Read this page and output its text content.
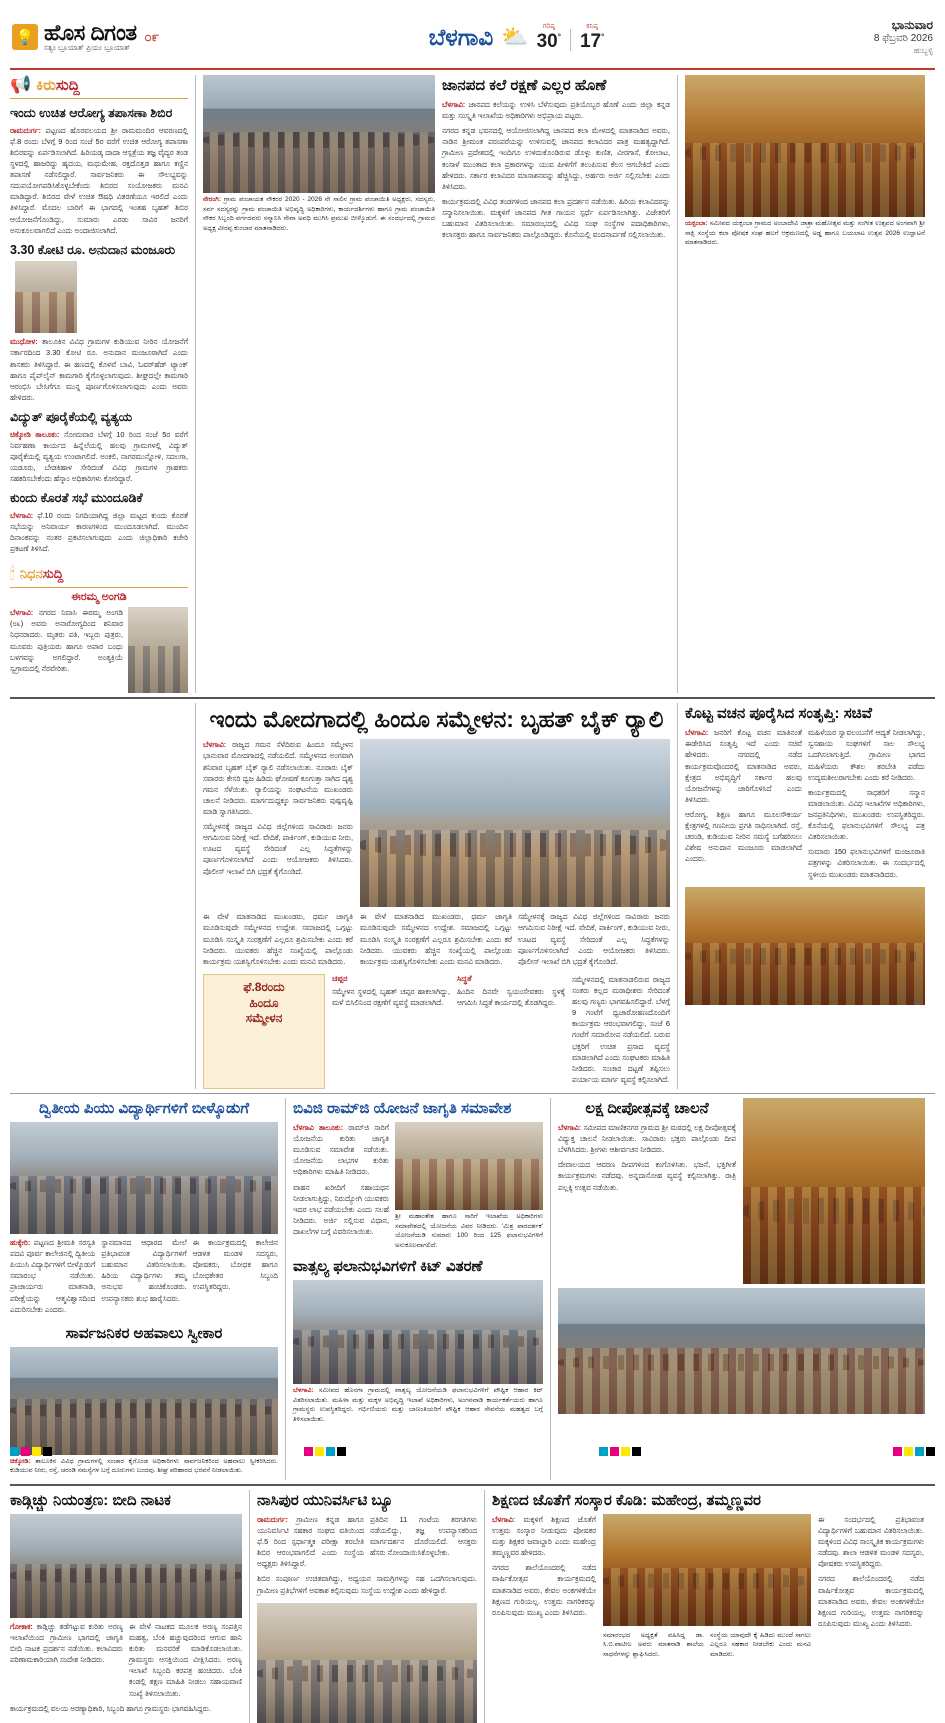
💡 ಹೊಸ ದಿಗಂತ
ಸತ್ಯಂ ಬ್ರೂಯಾತ್ ಪ್ರಿಯಂ ಬ್ರೂಯಾತ್
೦೯	ಬೆಳಗಾವಿ ⛅	ಗರಿಷ್ಠ
30°
ಕನಿಷ್ಠ
17°
ಭಾನುವಾರ
8 ಫೆಬ್ರವರಿ 2026
ಹುಬ್ಬಳ್ಳಿ
📢 ಕಿರುಸುದ್ದಿ
ಇಂದು ಉಚಿತ ಆರೋಗ್ಯ ತಪಾಸಣಾ ಶಿಬಿರ

ರಾಮದುರ್ಗ: ಪಟ್ಟಣದ ಹೊರವಲಯದ ಶ್ರೀ ರಾಮಮಂದಿರ ಆವರಣದಲ್ಲಿ ಫೆ.8 ರಂದು ಬೆಳಗ್ಗೆ 9 ರಿಂದ ಸಂಜೆ 5ರ ವರೆಗೆ ಉಚಿತ ಆರೋಗ್ಯ ತಪಾಸಣಾ ಶಿಬಿರವನ್ನು ಏರ್ಪಡಿಸಲಾಗಿದೆ. ಹಿರಿಯಡ್ಕ ದಾದಾ ಆಸ್ಪತ್ರೆಯ ತಜ್ಞ ವೈದ್ಯರ ತಂಡ ಸ್ಥಳದಲ್ಲಿ ಹಾಜರಿದ್ದು ಹೃದಯ, ಮಧುಮೇಹ, ರಕ್ತದೊತ್ತಡ ಹಾಗೂ ಕಣ್ಣಿನ ತಪಾಸಣೆ ನಡೆಸಲಿದ್ದಾರೆ. ಸಾರ್ವಜನಿಕರು ಈ ಸೌಲಭ್ಯವನ್ನು ಸದುಪಯೋಗಪಡಿಸಿಕೊಳ್ಳಬೇಕೆಂದು ಶಿಬಿರದ ಸಂಯೋಜಕರು ಮನವಿ ಮಾಡಿದ್ದಾರೆ. ಶಿಬಿರದ ವೇಳೆ ಉಚಿತ ಔಷಧಿ ವಿತರಣೆಯೂ ಇರಲಿದೆ ಎಂದು ತಿಳಿಸಿದ್ದಾರೆ. ಮೊದಲ ಬಾರಿಗೆ ಈ ಭಾಗದಲ್ಲಿ ಇಂತಹ ಬೃಹತ್ ಶಿಬಿರ ಆಯೋಜನೆಗೊಂಡಿದ್ದು, ಸುಮಾರು ಎರಡು ಸಾವಿರ ಜನರಿಗೆ ಅನುಕೂಲವಾಗಲಿದೆ ಎಂದು ಅಂದಾಜಿಸಲಾಗಿದೆ.

3.30 ಕೋಟಿ ರೂ. ಅನುದಾನ ಮಂಜೂರು

ಮುಧೋಳ: ತಾಲೂಕಿನ ವಿವಿಧ ಗ್ರಾಮಗಳ ಕುಡಿಯುವ ನೀರಿನ ಯೋಜನೆಗೆ ಸರ್ಕಾರದಿಂದ 3.30 ಕೋಟಿ ರೂ. ಅನುದಾನ ಮಂಜೂರಾಗಿದೆ ಎಂದು ಶಾಸಕರು ತಿಳಿಸಿದ್ದಾರೆ. ಈ ಹಣದಲ್ಲಿ ಕೊಳವೆ ಬಾವಿ, ಓವರ್‌ಹೆಡ್ ಟ್ಯಾಂಕ್ ಹಾಗೂ ಪೈಪ್‌ಲೈನ್ ಕಾಮಗಾರಿ ಕೈಗೊಳ್ಳಲಾಗುವುದು. ಶೀಘ್ರದಲ್ಲೇ ಕಾಮಗಾರಿ ಆರಂಭಿಸಿ ಬೇಸಿಗೆಗೂ ಮುನ್ನ ಪೂರ್ಣಗೊಳಿಸಲಾಗುವುದು ಎಂದು ಅವರು ಹೇಳಿದರು.

ವಿದ್ಯುತ್ ಪೂರೈಕೆಯಲ್ಲಿ ವ್ಯತ್ಯಯ

ಚಿಕ್ಕೋಡಿ ತಾಲೂಕು: ಸೋಮವಾರ ಬೆಳಗ್ಗೆ 10 ರಿಂದ ಸಂಜೆ 5ರ ವರೆಗೆ ನಿರ್ವಹಣಾ ಕಾರ್ಯದ ಹಿನ್ನೆಲೆಯಲ್ಲಿ ಹಲವು ಗ್ರಾಮಗಳಲ್ಲಿ ವಿದ್ಯುತ್ ಪೂರೈಕೆಯಲ್ಲಿ ವ್ಯತ್ಯಯ ಉಂಟಾಗಲಿದೆ. ಅಂಕಲಿ, ನಾಗರಮುನ್ನೋಳಿ, ಸದಲಗಾ, ಯಡೂರು, ಬೇಡಕಿಹಾಳ ಸೇರಿದಂತೆ ವಿವಿಧ ಗ್ರಾಮಗಳ ಗ್ರಾಹಕರು ಸಹಕರಿಸಬೇಕೆಂದು ಹೆಸ್ಕಾಂ ಅಧಿಕಾರಿಗಳು ಕೋರಿದ್ದಾರೆ.

ಕುಂದು ಕೊರತೆ ಸಭೆ ಮುಂದೂಡಿಕೆ

ಬೆಳಗಾವಿ: ಫೆ.10 ರಂದು ನಿಗದಿಯಾಗಿದ್ದ ಜಿಲ್ಲಾ ಮಟ್ಟದ ಕುಂದು ಕೊರತೆ ಸಭೆಯನ್ನು ಅನಿವಾರ್ಯ ಕಾರಣಗಳಿಂದ ಮುಂದೂಡಲಾಗಿದೆ. ಮುಂದಿನ ದಿನಾಂಕವನ್ನು ನಂತರ ಪ್ರಕಟಿಸಲಾಗುವುದು ಎಂದು ಜಿಲ್ಲಾಧಿಕಾರಿ ಕಚೇರಿ ಪ್ರಕಟಣೆ ತಿಳಿಸಿದೆ.

🕯 ನಿಧನಸುದ್ದಿ
ಈರಮ್ಮ ಅಂಗಡಿ

ಬೆಳಗಾವಿ: ನಗರದ ನಿವಾಸಿ ಈರಮ್ಮ ಅಂಗಡಿ (೮೩) ಅವರು ಅನಾರೋಗ್ಯದಿಂದ ಶನಿವಾರ ನಿಧನರಾದರು. ಮೃತರು ಪತಿ, ಇಬ್ಬರು ಪುತ್ರರು, ಮೂವರು ಪುತ್ರಿಯರು ಹಾಗೂ ಅಪಾರ ಬಂಧು ಬಳಗವನ್ನು ಅಗಲಿದ್ದಾರೆ. ಅಂತ್ಯಕ್ರಿಯೆ ಸ್ವಗ್ರಾಮದಲ್ಲಿ ನೆರವೇರಿತು.

ನೇರಂಗಿ: ಗ್ರಾಮ ಪಂಚಾಯತ ನೌಕರರ 2020 - 2026 ನೇ ಸಾಲಿನ ಗ್ರಾಮ ಪಂಚಾಯಿತಿ ಅಧ್ಯಕ್ಷರು, ಸದಸ್ಯರು, ಸರ್ವ ಸದಸ್ಯರನ್ನು ಗ್ರಾಮ ಪಂಚಾಯಿತಿ ಅಭಿವೃದ್ಧಿ ಅಧಿಕಾರಿಗಳು, ಕಾರ್ಯದರ್ಶಿಗಳು ಹಾಗೂ ಗ್ರಾಮ ಪಂಚಾಯಿತಿ ನೌಕರ ಸಿಬ್ಬಂದಿ ವರ್ಗದವರು ಸನ್ಮಾನಿಸಿ ಸೇವಾ ಅವಧಿ ಮುಗಿಸಿ ಪ್ರಮುಖ ಬೀಳ್ಕೊಡುಗೆ. ಈ ಸಂದರ್ಭದಲ್ಲಿ ಗ್ರಾಮದ ಅಧ್ಯಕ್ಷ ವೀರಪ್ಪ ಕುಂಬಾರ ಮಾತನಾಡಿದರು.

ಜಾನಪದ ಕಲೆ ರಕ್ಷಣೆ ಎಲ್ಲರ ಹೊಣೆ

ಬೆಳಗಾವಿ: ಜಾನಪದ ಕಲೆಯನ್ನು ಉಳಿಸಿ ಬೆಳೆಸುವುದು ಪ್ರತಿಯೊಬ್ಬರ ಹೊಣೆ ಎಂದು ಜಿಲ್ಲಾ ಕನ್ನಡ ಮತ್ತು ಸಂಸ್ಕೃತಿ ಇಲಾಖೆಯ ಅಧಿಕಾರಿಗಳು ಅಭಿಪ್ರಾಯ ಪಟ್ಟರು.

ನಗರದ ಕನ್ನಡ ಭವನದಲ್ಲಿ ಆಯೋಜಿಸಲಾಗಿದ್ದ ಜಾನಪದ ಕಲಾ ಮೇಳದಲ್ಲಿ ಮಾತನಾಡಿದ ಅವರು, ನಾಡಿನ ಶ್ರೀಮಂತ ಪರಂಪರೆಯನ್ನು ಉಳಿಸುವಲ್ಲಿ ಜಾನಪದ ಕಲಾವಿದರ ಪಾತ್ರ ಮಹತ್ವದ್ದಾಗಿದೆ. ಗ್ರಾಮೀಣ ಪ್ರದೇಶದಲ್ಲಿ ಇಂದಿಗೂ ಉಳಿದುಕೊಂಡಿರುವ ಡೊಳ್ಳು ಕುಣಿತ, ವೀರಗಾಸೆ, ಕೋಲಾಟ, ಕಂಸಾಳೆ ಮುಂತಾದ ಕಲಾ ಪ್ರಕಾರಗಳನ್ನು ಯುವ ಪೀಳಿಗೆಗೆ ತಲುಪಿಸುವ ಕೆಲಸ ಆಗಬೇಕಿದೆ ಎಂದು ಹೇಳಿದರು. ಸರ್ಕಾರ ಕಲಾವಿದರ ಮಾಸಾಶನವನ್ನು ಹೆಚ್ಚಿಸಿದ್ದು, ಅರ್ಹರು ಅರ್ಜಿ ಸಲ್ಲಿಸಬೇಕು ಎಂದು ತಿಳಿಸಿದರು.

ಕಾರ್ಯಕ್ರಮದಲ್ಲಿ ವಿವಿಧ ತಂಡಗಳಿಂದ ಜಾನಪದ ಕಲಾ ಪ್ರದರ್ಶನ ನಡೆಯಿತು. ಹಿರಿಯ ಕಲಾವಿದರನ್ನು ಸನ್ಮಾನಿಸಲಾಯಿತು. ಮಕ್ಕಳಿಗೆ ಜಾನಪದ ಗೀತ ಗಾಯನ ಸ್ಪರ್ಧೆ ಏರ್ಪಡಿಸಲಾಗಿತ್ತು. ವಿಜೇತರಿಗೆ ಬಹುಮಾನ ವಿತರಿಸಲಾಯಿತು. ಸಮಾರಂಭದಲ್ಲಿ ವಿವಿಧ ಸಂಘ ಸಂಸ್ಥೆಗಳ ಪದಾಧಿಕಾರಿಗಳು, ಕಲಾಸಕ್ತರು ಹಾಗೂ ಸಾರ್ವಜನಿಕರು ಪಾಲ್ಗೊಂಡಿದ್ದರು. ಕೊನೆಯಲ್ಲಿ ವಂದನಾರ್ಪಣೆ ಸಲ್ಲಿಸಲಾಯಿತು.

ಯಕ್ಸಂಬಾ: ಸಮೀಪದ ಯಕ್ಸಂಬಾ ಗ್ರಾಮದ ಅಂಬಾದೇವಿ ಜಾತ್ರಾ ಮಹೋತ್ಸವ ಮತ್ತು ಸಂಗೀತ ಉತ್ಸವದ ಅಂಗವಾಗಿ ಶ್ರೀ ಸಾಕ್ಷಿ ಸಂಸ್ಥೆಯ ಕಲಾ ಪೋಷಕ ಸಂಘ ಹಲಗೆ ಆಕ್ರಮಣದಲ್ಲಿ ಅಡ್ಡ ಹಾಗೂ ಬಯಲಾಟ ಉತ್ಸವ 2026 ಉದ್ಘಾಟನೆ ಮಾತನಾಡಿದರು.

ಇಂದು ಮೋದಗಾದಲ್ಲಿ ಹಿಂದೂ ಸಮ್ಮೇಳನ: ಬೃಹತ್ ಬೈಕ್ ರ‍್ಯಾಲಿ

ಬೆಳಗಾವಿ: ರಾಜ್ಯದ ಗಮನ ಸೆಳೆದಿರುವ ಹಿಂದೂ ಸಮ್ಮೇಳನ ಭಾನುವಾರ ಮೋದಗಾದಲ್ಲಿ ನಡೆಯಲಿದೆ. ಸಮ್ಮೇಳನದ ಅಂಗವಾಗಿ ಶನಿವಾರ ಬೃಹತ್ ಬೈಕ್ ರ‍್ಯಾಲಿ ನಡೆಸಲಾಯಿತು. ನೂರಾರು ಬೈಕ್ ಸವಾರರು ಕೇಸರಿ ಧ್ವಜ ಹಿಡಿದು ಘೋಷಣೆ ಕೂಗುತ್ತಾ ಸಾಗಿದ ದೃಶ್ಯ ಗಮನ ಸೆಳೆಯಿತು. ರ‍್ಯಾಲಿಯನ್ನು ಸಂಘಟನೆಯ ಮುಖಂಡರು ಚಾಲನೆ ನೀಡಿದರು. ಮಾರ್ಗದುದ್ದಕ್ಕೂ ಸಾರ್ವಜನಿಕರು ಪುಷ್ಪವೃಷ್ಟಿ ಮಾಡಿ ಸ್ವಾಗತಿಸಿದರು.

ಸಮ್ಮೇಳನಕ್ಕೆ ರಾಜ್ಯದ ವಿವಿಧ ಜಿಲ್ಲೆಗಳಿಂದ ಸಾವಿರಾರು ಜನರು ಆಗಮಿಸುವ ನಿರೀಕ್ಷೆ ಇದೆ. ವೇದಿಕೆ, ಪಾರ್ಕಿಂಗ್, ಕುಡಿಯುವ ನೀರು, ಊಟದ ವ್ಯವಸ್ಥೆ ಸೇರಿದಂತೆ ಎಲ್ಲ ಸಿದ್ಧತೆಗಳನ್ನು ಪೂರ್ಣಗೊಳಿಸಲಾಗಿದೆ ಎಂದು ಆಯೋಜಕರು ತಿಳಿಸಿದರು. ಪೊಲೀಸ್ ಇಲಾಖೆ ಬಿಗಿ ಭದ್ರತೆ ಕೈಗೊಂಡಿದೆ.

ಈ ವೇಳೆ ಮಾತನಾಡಿದ ಮುಖಂಡರು, ಧರ್ಮ ಜಾಗೃತಿ ಮೂಡಿಸುವುದೇ ಸಮ್ಮೇಳನದ ಉದ್ದೇಶ. ಸಮಾಜದಲ್ಲಿ ಒಗ್ಗಟ್ಟು ಮೂಡಿಸಿ ಸಂಸ್ಕೃತಿ ಸಂರಕ್ಷಣೆಗೆ ಎಲ್ಲರೂ ಶ್ರಮಿಸಬೇಕು ಎಂದು ಕರೆ ನೀಡಿದರು. ಯುವಕರು ಹೆಚ್ಚಿನ ಸಂಖ್ಯೆಯಲ್ಲಿ ಪಾಲ್ಗೊಂಡು ಕಾರ್ಯಕ್ರಮ ಯಶಸ್ವಿಗೊಳಿಸಬೇಕು ಎಂದು ಮನವಿ ಮಾಡಿದರು.

ಈ ವೇಳೆ ಮಾತನಾಡಿದ ಮುಖಂಡರು, ಧರ್ಮ ಜಾಗೃತಿ ಮೂಡಿಸುವುದೇ ಸಮ್ಮೇಳನದ ಉದ್ದೇಶ. ಸಮಾಜದಲ್ಲಿ ಒಗ್ಗಟ್ಟು ಮೂಡಿಸಿ ಸಂಸ್ಕೃತಿ ಸಂರಕ್ಷಣೆಗೆ ಎಲ್ಲರೂ ಶ್ರಮಿಸಬೇಕು ಎಂದು ಕರೆ ನೀಡಿದರು. ಯುವಕರು ಹೆಚ್ಚಿನ ಸಂಖ್ಯೆಯಲ್ಲಿ ಪಾಲ್ಗೊಂಡು ಕಾರ್ಯಕ್ರಮ ಯಶಸ್ವಿಗೊಳಿಸಬೇಕು ಎಂದು ಮನವಿ ಮಾಡಿದರು.

ಸಮ್ಮೇಳನಕ್ಕೆ ರಾಜ್ಯದ ವಿವಿಧ ಜಿಲ್ಲೆಗಳಿಂದ ಸಾವಿರಾರು ಜನರು ಆಗಮಿಸುವ ನಿರೀಕ್ಷೆ ಇದೆ. ವೇದಿಕೆ, ಪಾರ್ಕಿಂಗ್, ಕುಡಿಯುವ ನೀರು, ಊಟದ ವ್ಯವಸ್ಥೆ ಸೇರಿದಂತೆ ಎಲ್ಲ ಸಿದ್ಧತೆಗಳನ್ನು ಪೂರ್ಣಗೊಳಿಸಲಾಗಿದೆ ಎಂದು ಆಯೋಜಕರು ತಿಳಿಸಿದರು. ಪೊಲೀಸ್ ಇಲಾಖೆ ಬಿಗಿ ಭದ್ರತೆ ಕೈಗೊಂಡಿದೆ.

ಫೆ.8ರಂದು
ಹಿಂದೂ
ಸಮ್ಮೇಳನ
ಚಪ್ಪರ

ಸಮ್ಮೇಳನ ಸ್ಥಳದಲ್ಲಿ ಬೃಹತ್ ಚಪ್ಪರ ಹಾಕಲಾಗಿದ್ದು, ಮಳೆ ಬಿಸಿಲಿನಿಂದ ರಕ್ಷಣೆಗೆ ವ್ಯವಸ್ಥೆ ಮಾಡಲಾಗಿದೆ.

ಸಿದ್ಧತೆ

ಹಿಂದಿನ ದಿನವೇ ಸ್ವಯಂಸೇವಕರು ಸ್ಥಳಕ್ಕೆ ಆಗಮಿಸಿ ಸಿದ್ಧತೆ ಕಾರ್ಯದಲ್ಲಿ ತೊಡಗಿದ್ದರು.

ಸಮ್ಮೇಳನದಲ್ಲಿ ಮಾತನಾಡಲಿರುವ ರಾಜ್ಯದ ಸಂತರು ಕಲ್ಲದ ಮಠಾಧೀಶರು ಸೇರಿದಂತೆ ಹಲವು ಗಣ್ಯರು ಭಾಗವಹಿಸಲಿದ್ದಾರೆ. ಬೆಳಗ್ಗೆ 9 ಗಂಟೆಗೆ ಧ್ವಜಾರೋಹಣದೊಂದಿಗೆ ಕಾರ್ಯಕ್ರಮ ಆರಂಭವಾಗಲಿದ್ದು, ಸಂಜೆ 6 ಗಂಟೆಗೆ ಸಮಾರೋಪ ನಡೆಯಲಿದೆ. ಬರುವ ಭಕ್ತರಿಗೆ ಉಚಿತ ಪ್ರಸಾದ ವ್ಯವಸ್ಥೆ ಮಾಡಲಾಗಿದೆ ಎಂದು ಸಂಘಟಕರು ಮಾಹಿತಿ ನೀಡಿದರು. ಸಂಚಾರ ದಟ್ಟಣೆ ತಪ್ಪಿಸಲು ಪರ್ಯಾಯ ಮಾರ್ಗ ವ್ಯವಸ್ಥೆ ಕಲ್ಪಿಸಲಾಗಿದೆ.

ಕೊಟ್ಟ ವಚನ ಪೂರೈಸಿದ ಸಂತೃಪ್ತಿ: ಸಚಿವೆ

ಬೆಳಗಾವಿ: ಜನರಿಗೆ ಕೊಟ್ಟ ವಚನ ಮಾತಿನಂತೆ ಈಡೇರಿಸಿದ ಸಂತೃಪ್ತಿ ಇದೆ ಎಂದು ಸಚಿವೆ ಹೇಳಿದರು. ನಗರದಲ್ಲಿ ನಡೆದ ಕಾರ್ಯಕ್ರಮವೊಂದರಲ್ಲಿ ಮಾತನಾಡಿದ ಅವರು, ಕ್ಷೇತ್ರದ ಅಭಿವೃದ್ಧಿಗೆ ಸರ್ಕಾರ ಹಲವು ಯೋಜನೆಗಳನ್ನು ಜಾರಿಗೊಳಿಸಿದೆ ಎಂದು ತಿಳಿಸಿದರು.

ಆರೋಗ್ಯ, ಶಿಕ್ಷಣ ಹಾಗೂ ಮೂಲಸೌಕರ್ಯ ಕ್ಷೇತ್ರಗಳಲ್ಲಿ ಗಣನೀಯ ಪ್ರಗತಿ ಸಾಧಿಸಲಾಗಿದೆ. ರಸ್ತೆ, ಚರಂಡಿ, ಕುಡಿಯುವ ನೀರಿನ ಸಮಸ್ಯೆ ಬಗೆಹರಿಸಲು ವಿಶೇಷ ಅನುದಾನ ಮಂಜೂರು ಮಾಡಲಾಗಿದೆ ಎಂದರು.

ಮಹಿಳೆಯರ ಸ್ವಾವಲಂಬನೆಗೆ ಆದ್ಯತೆ ನೀಡಲಾಗಿದ್ದು, ಸ್ವಸಹಾಯ ಸಂಘಗಳಿಗೆ ಸಾಲ ಸೌಲಭ್ಯ ಒದಗಿಸಲಾಗುತ್ತಿದೆ. ಗ್ರಾಮೀಣ ಭಾಗದ ಮಹಿಳೆಯರು ಕೌಶಲ ತರಬೇತಿ ಪಡೆದು ಉದ್ಯಮಶೀಲರಾಗಬೇಕು ಎಂದು ಕರೆ ನೀಡಿದರು.

ಕಾರ್ಯಕ್ರಮದಲ್ಲಿ ಸಾಧಕರಿಗೆ ಸನ್ಮಾನ ಮಾಡಲಾಯಿತು. ವಿವಿಧ ಇಲಾಖೆಗಳ ಅಧಿಕಾರಿಗಳು, ಜನಪ್ರತಿನಿಧಿಗಳು, ಮುಖಂಡರು ಉಪಸ್ಥಿತರಿದ್ದರು. ಕೊನೆಯಲ್ಲಿ ಫಲಾನುಭವಿಗಳಿಗೆ ಸೌಲಭ್ಯ ಪತ್ರ ವಿತರಿಸಲಾಯಿತು.

ಸುಮಾರು 150 ಫಲಾನುಭವಿಗಳಿಗೆ ಮಂಜೂರಾತಿ ಪತ್ರಗಳನ್ನು ವಿತರಿಸಲಾಯಿತು. ಈ ಸಂದರ್ಭದಲ್ಲಿ ಸ್ಥಳೀಯ ಮುಖಂಡರು ಮಾತನಾಡಿದರು.

ದ್ವಿತೀಯ ಪಿಯು ವಿದ್ಯಾರ್ಥಿಗಳಿಗೆ ಬೀಳ್ಕೊಡುಗೆ

ಹುಕ್ಕೇರಿ: ಪಟ್ಟಣದ ಶ್ರೀಮತಿ ಸರಸ್ವತಿ ಪದವಿ ಪೂರ್ವ ಕಾಲೇಜಿನಲ್ಲಿ ದ್ವಿತೀಯ ಪಿಯುಸಿ ವಿದ್ಯಾರ್ಥಿಗಳಿಗೆ ಬೀಳ್ಕೊಡುಗೆ ಸಮಾರಂಭ ನಡೆಯಿತು. ಪ್ರಾಚಾರ್ಯರು ಮಾತನಾಡಿ, ಪರೀಕ್ಷೆಯನ್ನು ಆತ್ಮವಿಶ್ವಾಸದಿಂದ ಎದುರಿಸಬೇಕು ಎಂದರು.

ಸ್ಥಾನಮಾನದ ಆಧಾರದ ಮೇಲೆ ಪ್ರತಿಭಾವಂತ ವಿದ್ಯಾರ್ಥಿಗಳಿಗೆ ಬಹುಮಾನ ವಿತರಿಸಲಾಯಿತು. ಹಿರಿಯ ವಿದ್ಯಾರ್ಥಿಗಳು ತಮ್ಮ ಅನುಭವ ಹಂಚಿಕೊಂಡರು. ಉಪನ್ಯಾಸಕರು ಶುಭ ಹಾರೈಸಿದರು.

ಈ ಕಾರ್ಯಕ್ರಮದಲ್ಲಿ ಕಾಲೇಜಿನ ಆಡಳಿತ ಮಂಡಳಿ ಸದಸ್ಯರು, ಪೋಷಕರು, ಬೋಧಕ ಹಾಗೂ ಬೋಧಕೇತರ ಸಿಬ್ಬಂದಿ ಉಪಸ್ಥಿತರಿದ್ದರು.

ಸಾರ್ವಜನಿಕರ ಅಹವಾಲು ಸ್ವೀಕಾರ

ಚಿಕ್ಕೋಡಿ: ತಾಲೂಕಿನ ವಿವಿಧ ಗ್ರಾಮಗಳಲ್ಲಿ ಸಂಚಾರ ಕೈಗೊಂಡ ಅಧಿಕಾರಿಗಳು ಸಾರ್ವಜನಿಕರಿಂದ ಅಹವಾಲು ಸ್ವೀಕರಿಸಿದರು. ಕುಡಿಯುವ ನೀರು, ರಸ್ತೆ, ಚರಂಡಿ ಸಮಸ್ಯೆಗಳ ಬಗ್ಗೆ ದೂರುಗಳು ಬಂದವು. ಶೀಘ್ರ ಪರಿಹಾರದ ಭರವಸೆ ನೀಡಲಾಯಿತು.

ಬಿವಿಜಿ ರಾಮ್‌ಜಿ ಯೋಜನೆ ಜಾಗೃತಿ ಸಮಾವೇಶ

ಬೆಳಗಾವಿ ತಾಲೂಕು: ರಾಮ್‌ಜಿ ಸಾರಿಗೆ ಯೋಜನೆಯ ಕುರಿತು ಜಾಗೃತಿ ಮೂಡಿಸುವ ಸಮಾವೇಶ ನಡೆಯಿತು. ಯೋಜನೆಯ ಲಾಭಗಳ ಕುರಿತು ಅಧಿಕಾರಿಗಳು ಮಾಹಿತಿ ನೀಡಿದರು.

ವಾಹನ ಖರೀದಿಗೆ ಸಹಾಯಧನ ನೀಡಲಾಗುತ್ತಿದ್ದು, ನಿರುದ್ಯೋಗಿ ಯುವಕರು ಇದರ ಲಾಭ ಪಡೆಯಬೇಕು ಎಂದು ಸಲಹೆ ನೀಡಿದರು. ಅರ್ಜಿ ಸಲ್ಲಿಸುವ ವಿಧಾನ, ದಾಖಲೆಗಳ ಬಗ್ಗೆ ವಿವರಿಸಲಾಯಿತು.

ಶ್ರೀ ಮಹಾಂತೇಶ ಹಾಗೂ ಸಾರಿಗೆ ಇಲಾಖೆಯ ಅಧಿಕಾರಿಗಳು ಸಮಾವೇಶದಲ್ಲಿ ಯೋಜನೆಯ ವಿವರ ನೀಡಿದರು. 'ಮಿಶ್ರ ಪಾರದರ್ಶಕ' ಯೋಜನೆಯಡಿ ಸುಮಾರು 100 ರಿಂದ 125 ಫಲಾನುಭವಿಗಳಿಗೆ ಅನುಕೂಲವಾಗಲಿದೆ.

ವಾತ್ಸಲ್ಯ ಫಲಾನುಭವಿಗಳಿಗೆ ಕಿಟ್ ವಿತರಣೆ

ಬೆಳಗಾವಿ: ಸಮೀಪದ ಹೊನಗಾ ಗ್ರಾಮದಲ್ಲಿ ವಾತ್ಸಲ್ಯ ಯೋಜನೆಯಡಿ ಫಲಾನುಭವಿಗಳಿಗೆ ಪೌಷ್ಟಿಕ ಆಹಾರ ಕಿಟ್ ವಿತರಿಸಲಾಯಿತು. ಮಹಿಳಾ ಮತ್ತು ಮಕ್ಕಳ ಅಭಿವೃದ್ಧಿ ಇಲಾಖೆ ಅಧಿಕಾರಿಗಳು, ಅಂಗನವಾಡಿ ಕಾರ್ಯಕರ್ತೆಯರು ಹಾಗೂ ಗ್ರಾಮಸ್ಥರು ಉಪಸ್ಥಿತರಿದ್ದರು. ಗರ್ಭಿಣಿಯರು ಮತ್ತು ಬಾಣಂತಿಯರಿಗೆ ಪೌಷ್ಟಿಕ ಆಹಾರ ಸೇವನೆಯ ಮಹತ್ವದ ಬಗ್ಗೆ ತಿಳಿಸಲಾಯಿತು.

ಲಕ್ಷ ದೀಪೋತ್ಸವಕ್ಕೆ ಚಾಲನೆ

ಬೆಳಗಾವಿ: ಸಮೀಪದ ಮಾಣಿಕನಗರ ಗ್ರಾಮದ ಶ್ರೀ ಮಠದಲ್ಲಿ ಲಕ್ಷ ದೀಪೋತ್ಸವಕ್ಕೆ ವಿಧ್ಯುಕ್ತ ಚಾಲನೆ ನೀಡಲಾಯಿತು. ಸಾವಿರಾರು ಭಕ್ತರು ಪಾಲ್ಗೊಂಡು ದೀಪ ಬೆಳಗಿಸಿದರು. ಶ್ರೀಗಳು ಆಶೀರ್ವಚನ ನೀಡಿದರು.

ದೇವಾಲಯದ ಆವರಣ ದೀಪಗಳಿಂದ ಕಂಗೊಳಿಸಿತು. ಭಜನೆ, ಭಕ್ತಿಗೀತೆ ಕಾರ್ಯಕ್ರಮಗಳು ನಡೆದವು. ಅನ್ನದಾಸೋಹ ವ್ಯವಸ್ಥೆ ಕಲ್ಪಿಸಲಾಗಿತ್ತು. ರಾತ್ರಿ ಪಲ್ಲಕ್ಕಿ ಉತ್ಸವ ನಡೆಯಿತು.

ಕಾಡ್ಗಿಚ್ಚು ನಿಯಂತ್ರಣ: ಬೀದಿ ನಾಟಕ

ಗೋಕಾಕ: ಕಾಡ್ಗಿಚ್ಚು ತಡೆಗಟ್ಟುವ ಕುರಿತು ಅರಣ್ಯ ಇಲಾಖೆಯಿಂದ ಗ್ರಾಮೀಣ ಭಾಗದಲ್ಲಿ ಜಾಗೃತಿ ಬೀದಿ ನಾಟಕ ಪ್ರದರ್ಶನ ನಡೆಯಿತು. ಕಲಾವಿದರು ಪರಿಣಾಮಕಾರಿಯಾಗಿ ಸಂದೇಶ ನೀಡಿದರು.

ಈ ವೇಳೆ ನಾಟಕದ ಮೂಲಕ ಅರಣ್ಯ ಸಂಪತ್ತಿನ ಮಹತ್ವ, ಬೆಂಕಿ ಹಚ್ಚುವುದರಿಂದ ಆಗುವ ಹಾನಿ ಕುರಿತು ಮನವರಿಕೆ ಮಾಡಿಕೊಡಲಾಯಿತು. ಗ್ರಾಮಸ್ಥರು ಆಸಕ್ತಿಯಿಂದ ವೀಕ್ಷಿಸಿದರು. ಅರಣ್ಯ ಇಲಾಖೆ ಸಿಬ್ಬಂದಿ ಕರಪತ್ರ ಹಂಚಿದರು. ಬೆಂಕಿ ಕಂಡಲ್ಲಿ ತಕ್ಷಣ ಮಾಹಿತಿ ನೀಡಲು ಸಹಾಯವಾಣಿ ಸಂಖ್ಯೆ ತಿಳಿಸಲಾಯಿತು.

ಕಾರ್ಯಕ್ರಮದಲ್ಲಿ ವಲಯ ಅರಣ್ಯಾಧಿಕಾರಿ, ಸಿಬ್ಬಂದಿ ಹಾಗೂ ಗ್ರಾಮಸ್ಥರು ಭಾಗವಹಿಸಿದ್ದರು.

ನಾಸಿಪುರ ಯುನಿವರ್ಸಿಟಿ ಬ್ಯೂ

ರಾಮದುರ್ಗ: ಗ್ರಾಮೀಣ ಕನ್ನಡ ಹಾಗೂ ಯುನಿವರ್ಸಿಟಿ ಸಹಕಾರ ಸಂಘದ ವತಿಯಿಂದ ಫೆ.5 ರಿಂದ ಸ್ಪರ್ಧಾತ್ಮಕ ಪರೀಕ್ಷಾ ತರಬೇತಿ ಶಿಬಿರ ಆರಂಭವಾಗಲಿದೆ ಎಂದು ಸಂಸ್ಥೆಯ ಅಧ್ಯಕ್ಷರು ತಿಳಿಸಿದ್ದಾರೆ.

ಪ್ರತಿದಿನ 11 ಗಂಟೆಯ ತರಗತಿಗಳು ನಡೆಯಲಿದ್ದು, ತಜ್ಞ ಉಪನ್ಯಾಸಕರಿಂದ ಮಾರ್ಗದರ್ಶನ ದೊರೆಯಲಿದೆ. ಆಸಕ್ತರು ಹೆಸರು ನೋಂದಾಯಿಸಿಕೊಳ್ಳಬೇಕು.

ಶಿಬಿರ ಸಂಪೂರ್ಣ ಉಚಿತವಾಗಿದ್ದು, ಅಧ್ಯಯನ ಸಾಮಗ್ರಿಗಳನ್ನು ಸಹ ಒದಗಿಸಲಾಗುವುದು. ಗ್ರಾಮೀಣ ಪ್ರತಿಭೆಗಳಿಗೆ ಅವಕಾಶ ಕಲ್ಪಿಸುವುದು ಸಂಸ್ಥೆಯ ಉದ್ದೇಶ ಎಂದು ಹೇಳಿದ್ದಾರೆ.

ಶಿಕ್ಷಣದ ಜೊತೆಗೆ ಸಂಸ್ಕಾರ ಕೊಡಿ: ಮಹೇಂದ್ರ, ತಮ್ಮಣ್ಣವರ

ಬೆಳಗಾವಿ: ಮಕ್ಕಳಿಗೆ ಶಿಕ್ಷಣದ ಜೊತೆಗೆ ಉತ್ತಮ ಸಂಸ್ಕಾರ ನೀಡುವುದು ಪೋಷಕರ ಮತ್ತು ಶಿಕ್ಷಕರ ಜವಾಬ್ದಾರಿ ಎಂದು ಮಹೇಂದ್ರ ತಮ್ಮಣ್ಣವರ ಹೇಳಿದರು.

ನಗರದ ಶಾಲೆಯೊಂದರಲ್ಲಿ ನಡೆದ ವಾರ್ಷಿಕೋತ್ಸವ ಕಾರ್ಯಕ್ರಮದಲ್ಲಿ ಮಾತನಾಡಿದ ಅವರು, ಕೇವಲ ಅಂಕಗಳಿಕೆಯೇ ಶಿಕ್ಷಣದ ಗುರಿಯಲ್ಲ. ಉತ್ತಮ ನಾಗರಿಕರನ್ನು ರೂಪಿಸುವುದು ಮುಖ್ಯ ಎಂದು ತಿಳಿಸಿದರು.

ಸಮಾರಂಭದ ಅಧ್ಯಕ್ಷತೆ ವಹಿಸಿದ್ದ ಡಾ. ಸಿ.ಬಿ.ಪಾಟೀಲ ಅವರು ಮಾತನಾಡಿ ಶಾಲೆಯ ಸಾಧನೆಗಳನ್ನು ಶ್ಲಾಘಿಸಿದರು.

ಸಂಸ್ಥೆಯ ಯಾವುದೇ ಕೈ ಹಿಡಿದು ಮುಂದೆ ಸಾಗಲು ಎಲ್ಲರೂ ಸಹಕಾರ ನೀಡಬೇಕು ಎಂದು ಮನವಿ ಮಾಡಿದರು.

ಈ ಸಂದರ್ಭದಲ್ಲಿ ಪ್ರತಿಭಾವಂತ ವಿದ್ಯಾರ್ಥಿಗಳಿಗೆ ಬಹುಮಾನ ವಿತರಿಸಲಾಯಿತು. ಮಕ್ಕಳಿಂದ ವಿವಿಧ ಸಾಂಸ್ಕೃತಿಕ ಕಾರ್ಯಕ್ರಮಗಳು ನಡೆದವು. ಶಾಲಾ ಆಡಳಿತ ಮಂಡಳಿ ಸದಸ್ಯರು, ಪೋಷಕರು ಉಪಸ್ಥಿತರಿದ್ದರು.

ನಗರದ ಶಾಲೆಯೊಂದರಲ್ಲಿ ನಡೆದ ವಾರ್ಷಿಕೋತ್ಸವ ಕಾರ್ಯಕ್ರಮದಲ್ಲಿ ಮಾತನಾಡಿದ ಅವರು, ಕೇವಲ ಅಂಕಗಳಿಕೆಯೇ ಶಿಕ್ಷಣದ ಗುರಿಯಲ್ಲ. ಉತ್ತಮ ನಾಗರಿಕರನ್ನು ರೂಪಿಸುವುದು ಮುಖ್ಯ ಎಂದು ತಿಳಿಸಿದರು.
